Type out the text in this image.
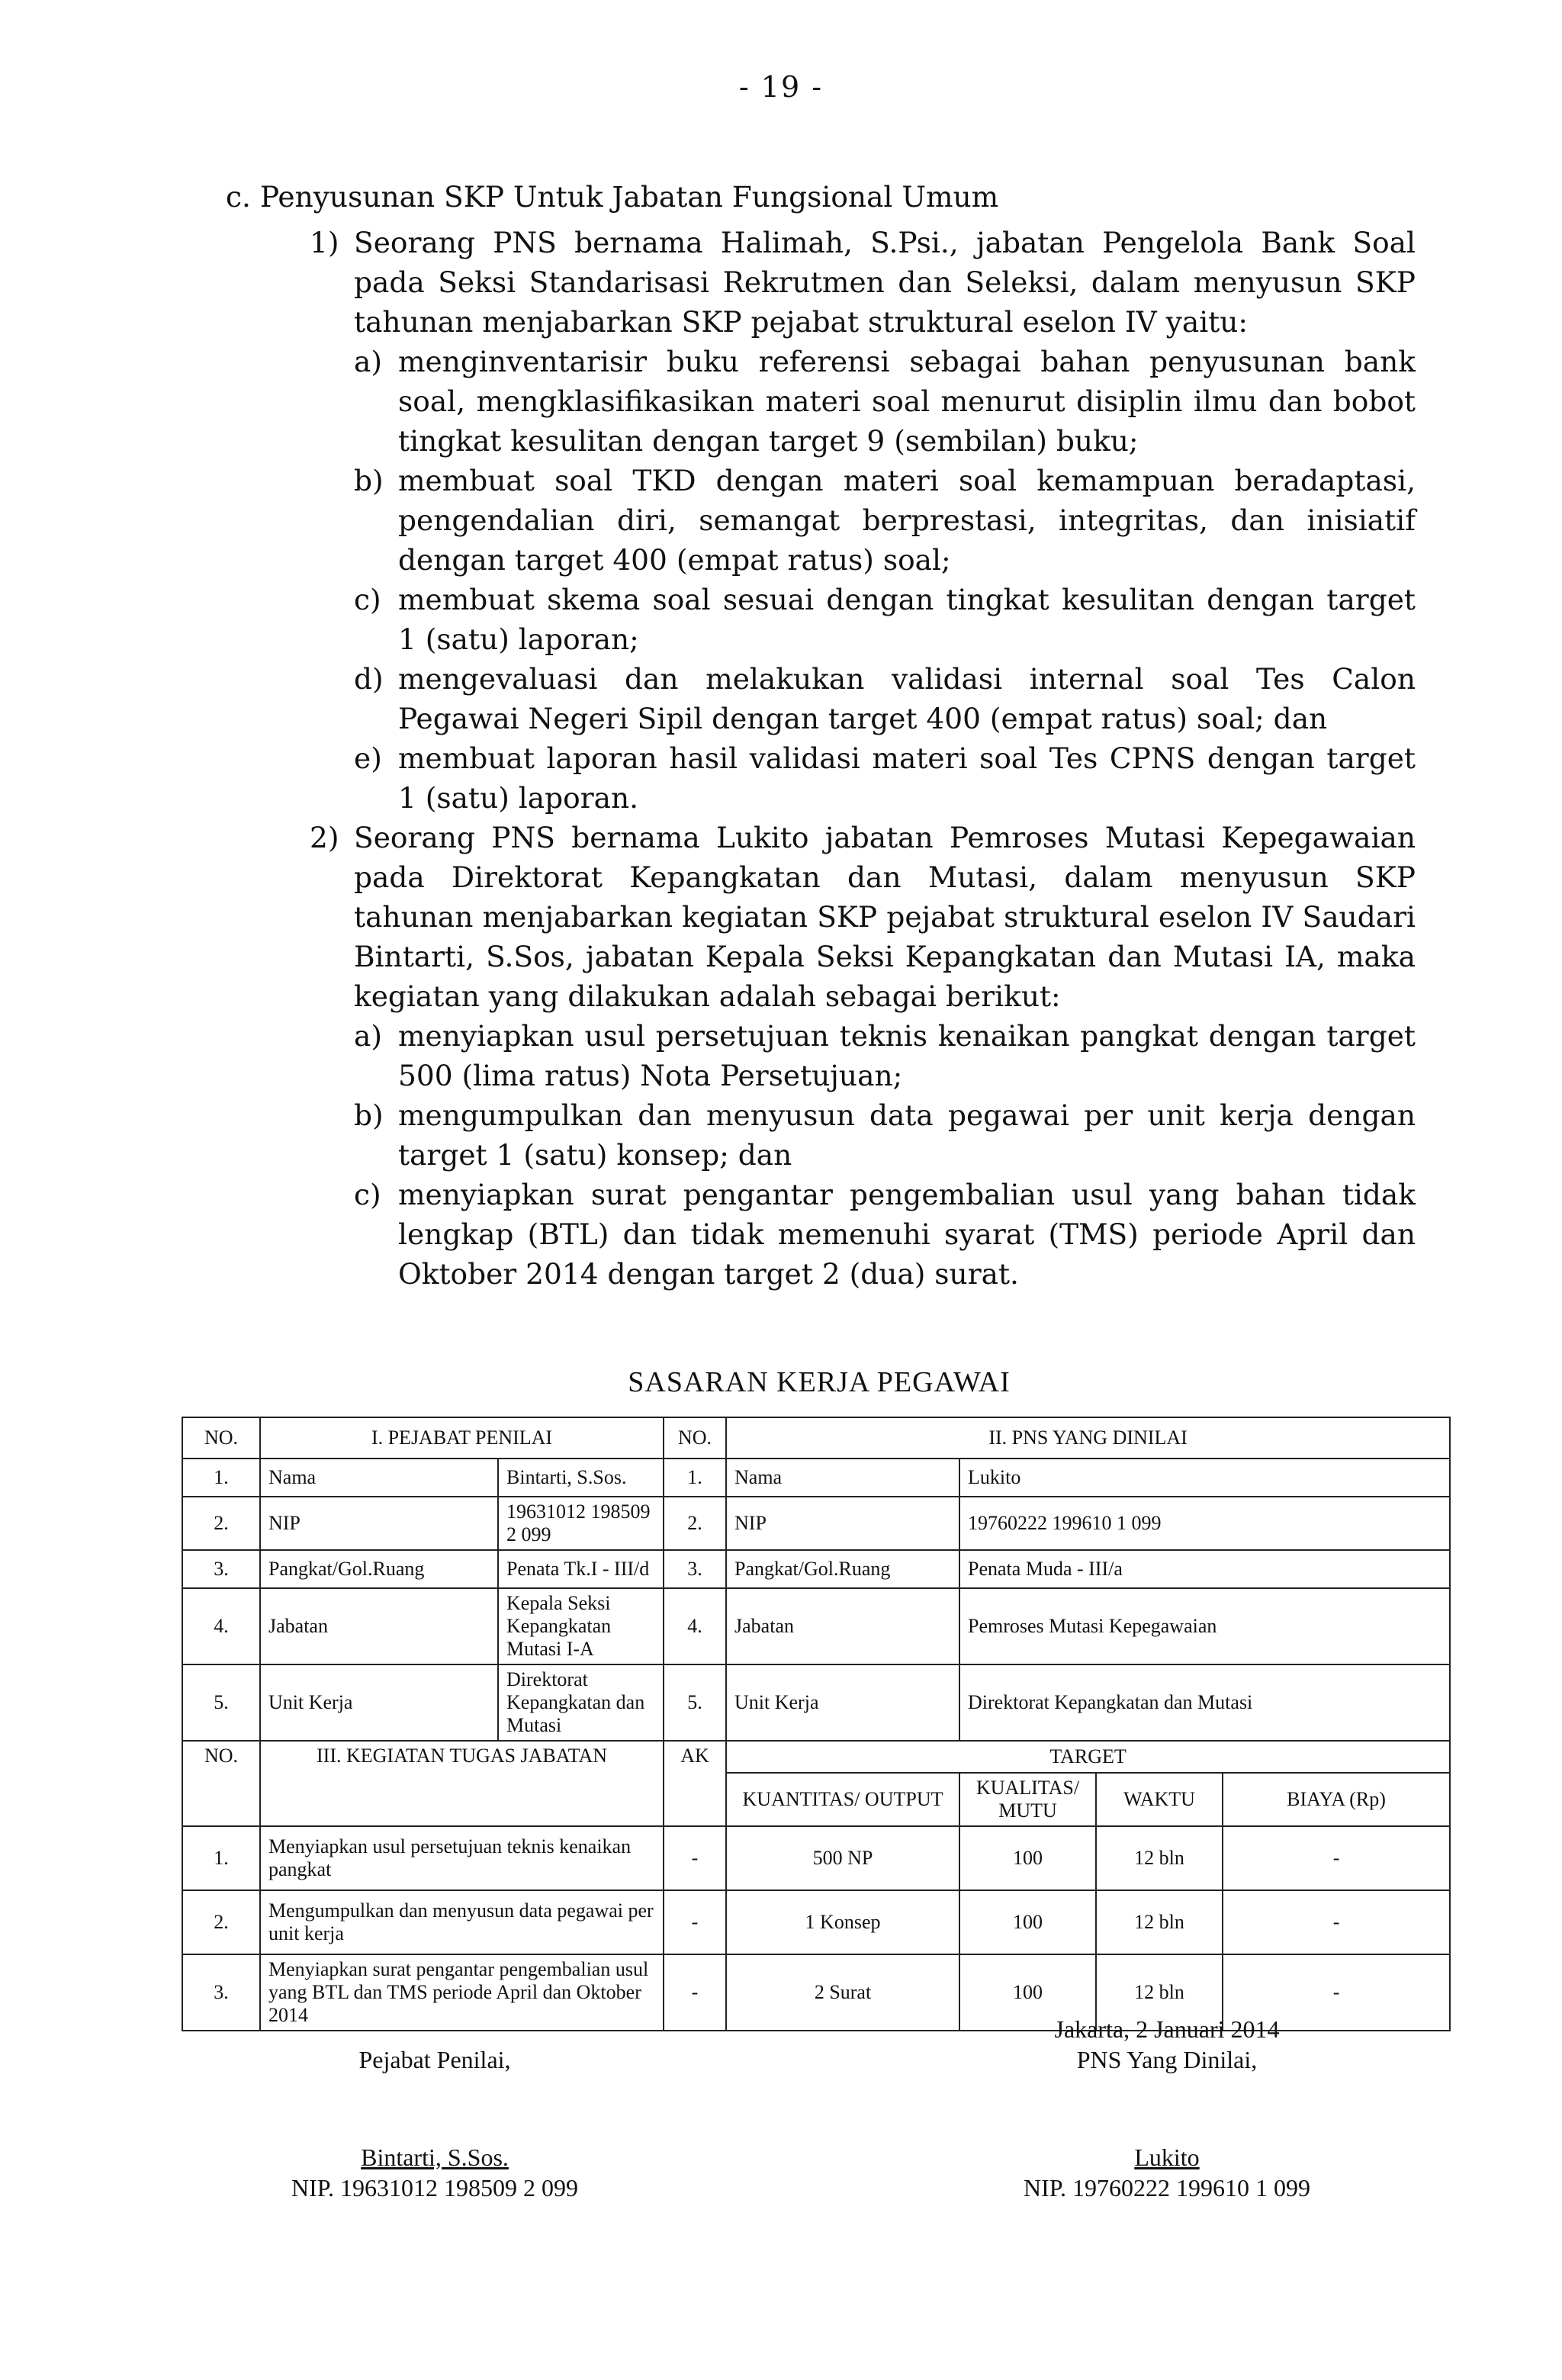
- 19 -
c. Penyusunan SKP Untuk Jabatan Fungsional Umum
1) Seorang PNS bernama Halimah, S.Psi., jabatan Pengelola Bank Soal pada Seksi Standarisasi Rekrutmen dan Seleksi, dalam menyusun SKP tahunan menjabarkan SKP pejabat struktural eselon IV yaitu:
a) menginventarisir buku referensi sebagai bahan penyusunan bank soal, mengklasifikasikan materi soal menurut disiplin ilmu dan bobot tingkat kesulitan dengan target 9 (sembilan) buku;
b) membuat soal TKD dengan materi soal kemampuan beradaptasi, pengendalian diri, semangat berprestasi, integritas, dan inisiatif dengan target 400 (empat ratus) soal;
c) membuat skema soal sesuai dengan tingkat kesulitan dengan target 1 (satu) laporan;
d) mengevaluasi dan melakukan validasi internal soal Tes Calon Pegawai Negeri Sipil dengan target 400 (empat ratus) soal; dan
e) membuat laporan hasil validasi materi soal Tes CPNS dengan target 1 (satu) laporan.
2) Seorang PNS bernama Lukito jabatan Pemroses Mutasi Kepegawaian pada Direktorat Kepangkatan dan Mutasi, dalam menyusun SKP tahunan menjabarkan kegiatan SKP pejabat struktural eselon IV Saudari Bintarti, S.Sos, jabatan Kepala Seksi Kepangkatan dan Mutasi IA, maka kegiatan yang dilakukan adalah sebagai berikut:
a) menyiapkan usul persetujuan teknis kenaikan pangkat dengan target 500 (lima ratus) Nota Persetujuan;
b) mengumpulkan dan menyusun data pegawai per unit kerja dengan target 1 (satu) konsep; dan
c) menyiapkan surat pengantar pengembalian usul yang bahan tidak lengkap (BTL) dan tidak memenuhi syarat (TMS) periode April dan Oktober 2014 dengan target 2 (dua) surat.
SASARAN KERJA PEGAWAI
NO.	I. PEJABAT PENILAI		NO.	II. PNS YANG DINILAI			
1.	Nama	Bintarti, S.Sos.	1.	Nama	Lukito		
2.	NIP	19631012 198509 2 099	2.	NIP	19760222 199610 1 099		
3.	Pangkat/Gol.Ruang	Penata Tk.I - III/d	3.	Pangkat/Gol.Ruang	Penata Muda - III/a		
4.	Jabatan	Kepala Seksi Kepangkatan Mutasi I-A	4.	Jabatan	Pemroses Mutasi Kepegawaian		
5.	Unit Kerja	Direktorat Kepangkatan dan Mutasi	5.	Unit Kerja	Direktorat Kepangkatan dan Mutasi		
NO.	III. KEGIATAN TUGAS JABATAN		AK	TARGET			
				KUANTITAS/ OUTPUT	KUALITAS/ MUTU	WAKTU	BIAYA (Rp)
1.	Menyiapkan usul persetujuan teknis kenaikan pangkat		-	500 NP	100	12 bln	-
2.	Mengumpulkan dan menyusun data pegawai per unit kerja		-	1 Konsep	100	12 bln	-
3.	Menyiapkan surat pengantar pengembalian usul yang BTL dan TMS periode April dan Oktober 2014		-	2 Surat	100	12 bln	-
Jakarta, 2 Januari 2014
Pejabat Penilai,	PNS Yang Dinilai,
Bintarti, S.Sos.	Lukito
NIP. 19631012 198509 2 099	NIP. 19760222 199610 1 099
